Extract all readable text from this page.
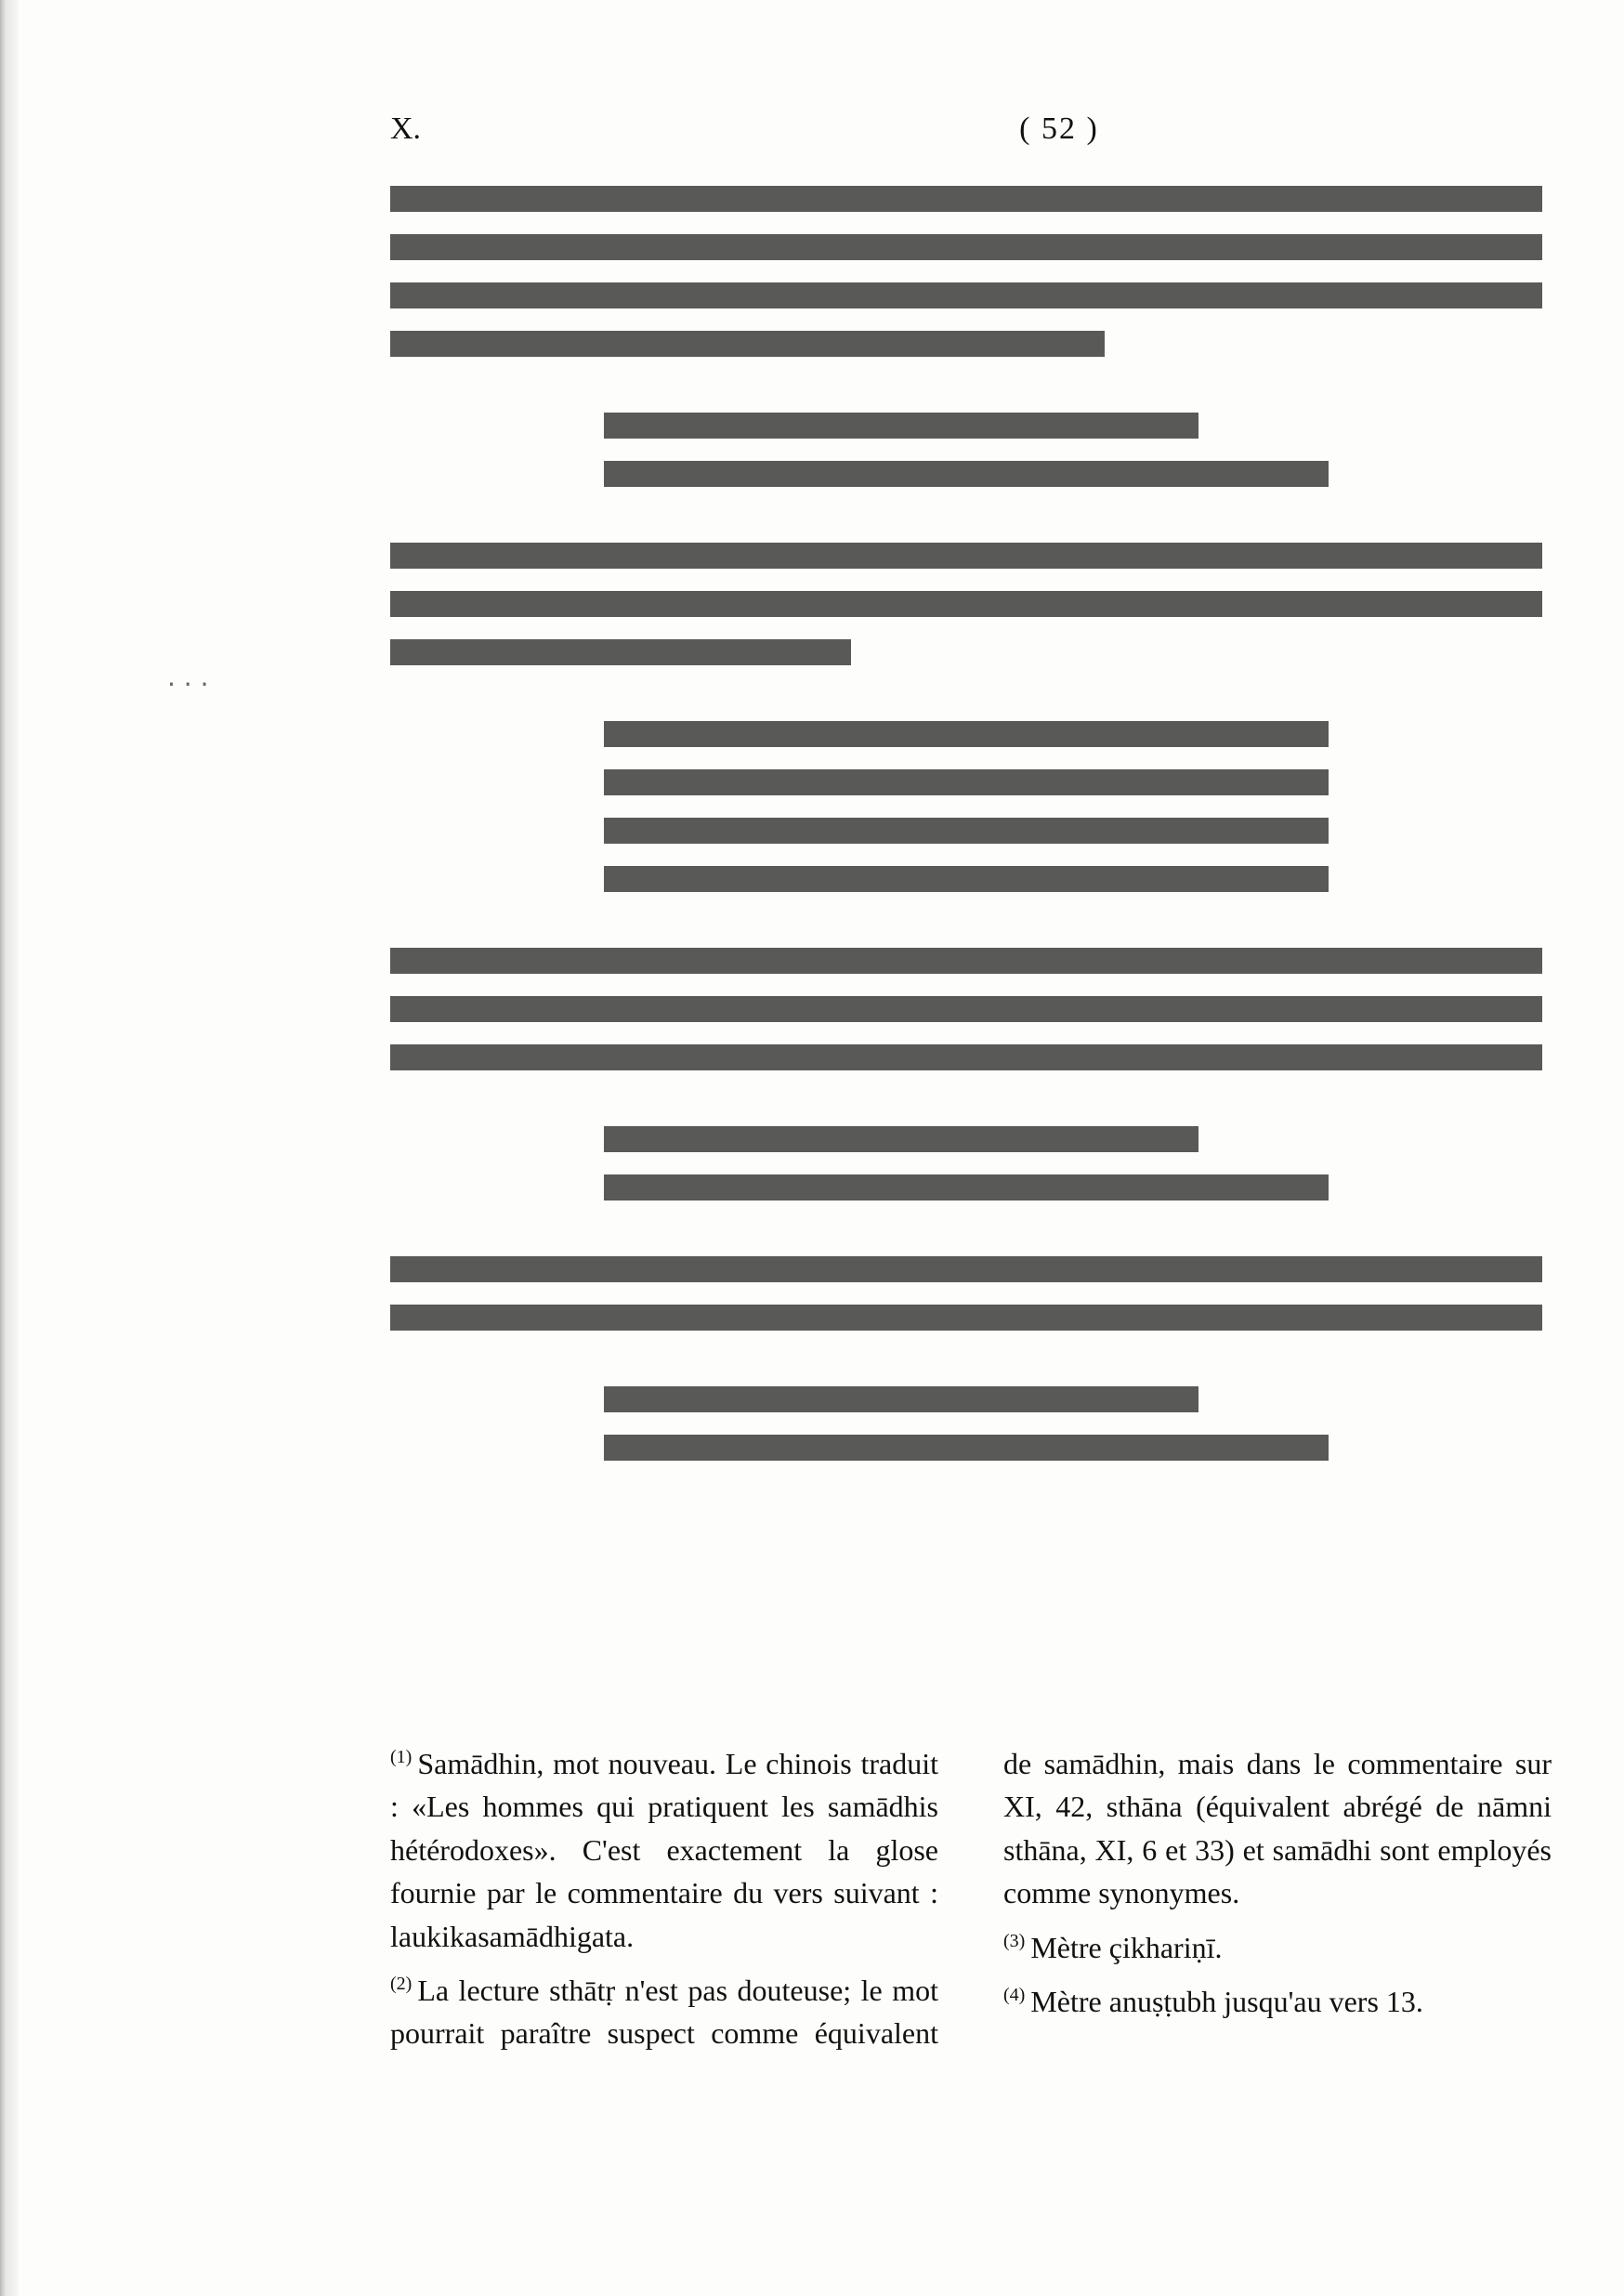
X.	( 52 )
· · ·

$^{(1)}$ Samādhin, mot nouveau. Le chinois traduit : «Les hommes qui pratiquent les samādhis hétérodoxes». C'est exactement la glose fournie par le commentaire du vers suivant : laukikasamādhigata.

$^{(2)}$ La lecture sthātṛ n'est pas douteuse; le mot pourrait paraître suspect comme équivalent de samādhin, mais dans le commentaire sur XI, 42, sthāna (équivalent abrégé de nāmni sthāna, XI, 6 et 33) et samādhi sont employés comme synonymes.

$^{(3)}$ Mètre çikhariṇī.

$^{(4)}$ Mètre anuṣṭubh jusqu'au vers 13.
